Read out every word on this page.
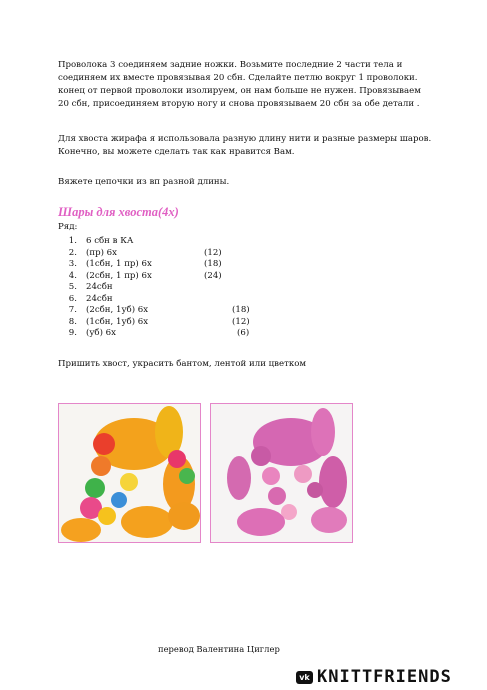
Проволока 3 соединяем задние ножки. Возьмите последние 2 части тела и соединяем их вместе провязывая 20 сбн. Сделайте петлю вокруг 1 проволоки. конец от первой проволоки изолируем, он нам больше не нужен. Провязываем 20 сбн, присоединяем вторую ногу и снова провязываем 20 сбн за обе детали .

Для хвоста жирафа я использовала разную длину нити и разные размеры шаров. Конечно, вы можете сделать так как нравится Вам.

Вяжете цепочки из вп разной длины.

Шары для хвоста(4х)

Ряд:

1. 6 сбн в КА
2. (пр) 6х	(12)
3. (1сбн, 1 пр) 6х	(18)
4. (2сбн, 1 пр) 6х	(24)
5. 24сбн
6. 24сбн
7. (2сбн, 1уб) 6х	(18)
8. (1сбн, 1уб) 6х	(12)
9. (уб) 6х	(6)

Пришить хвост, украсить бантом, лентой или цветком

перевод Валентина Циглер

vk KNITTFRIENDS
